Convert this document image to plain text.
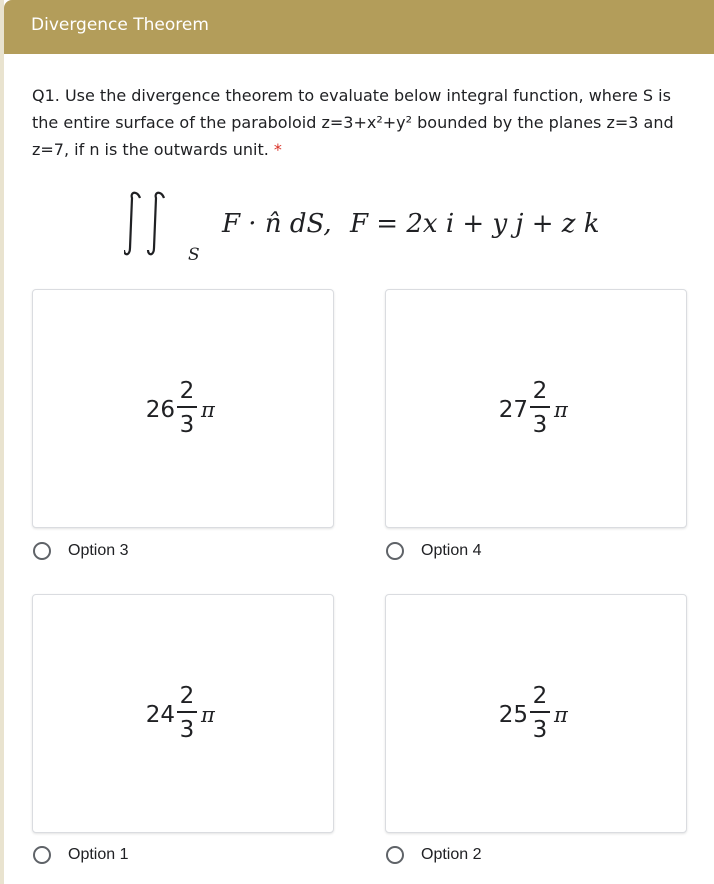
Divergence Theorem
Q1. Use the divergence theorem to evaluate below integral function, where S is the entire surface of the paraboloid z=3+x²+y² bounded by the planes z=3 and z=7, if n is the outwards unit. *
S
F · n̂ dS, F = 2x i + y j + z k
26
2
3
π
Option 3
27
2
3
π
Option 4
24
2
3
π
Option 1
25
2
3
π
Option 2
